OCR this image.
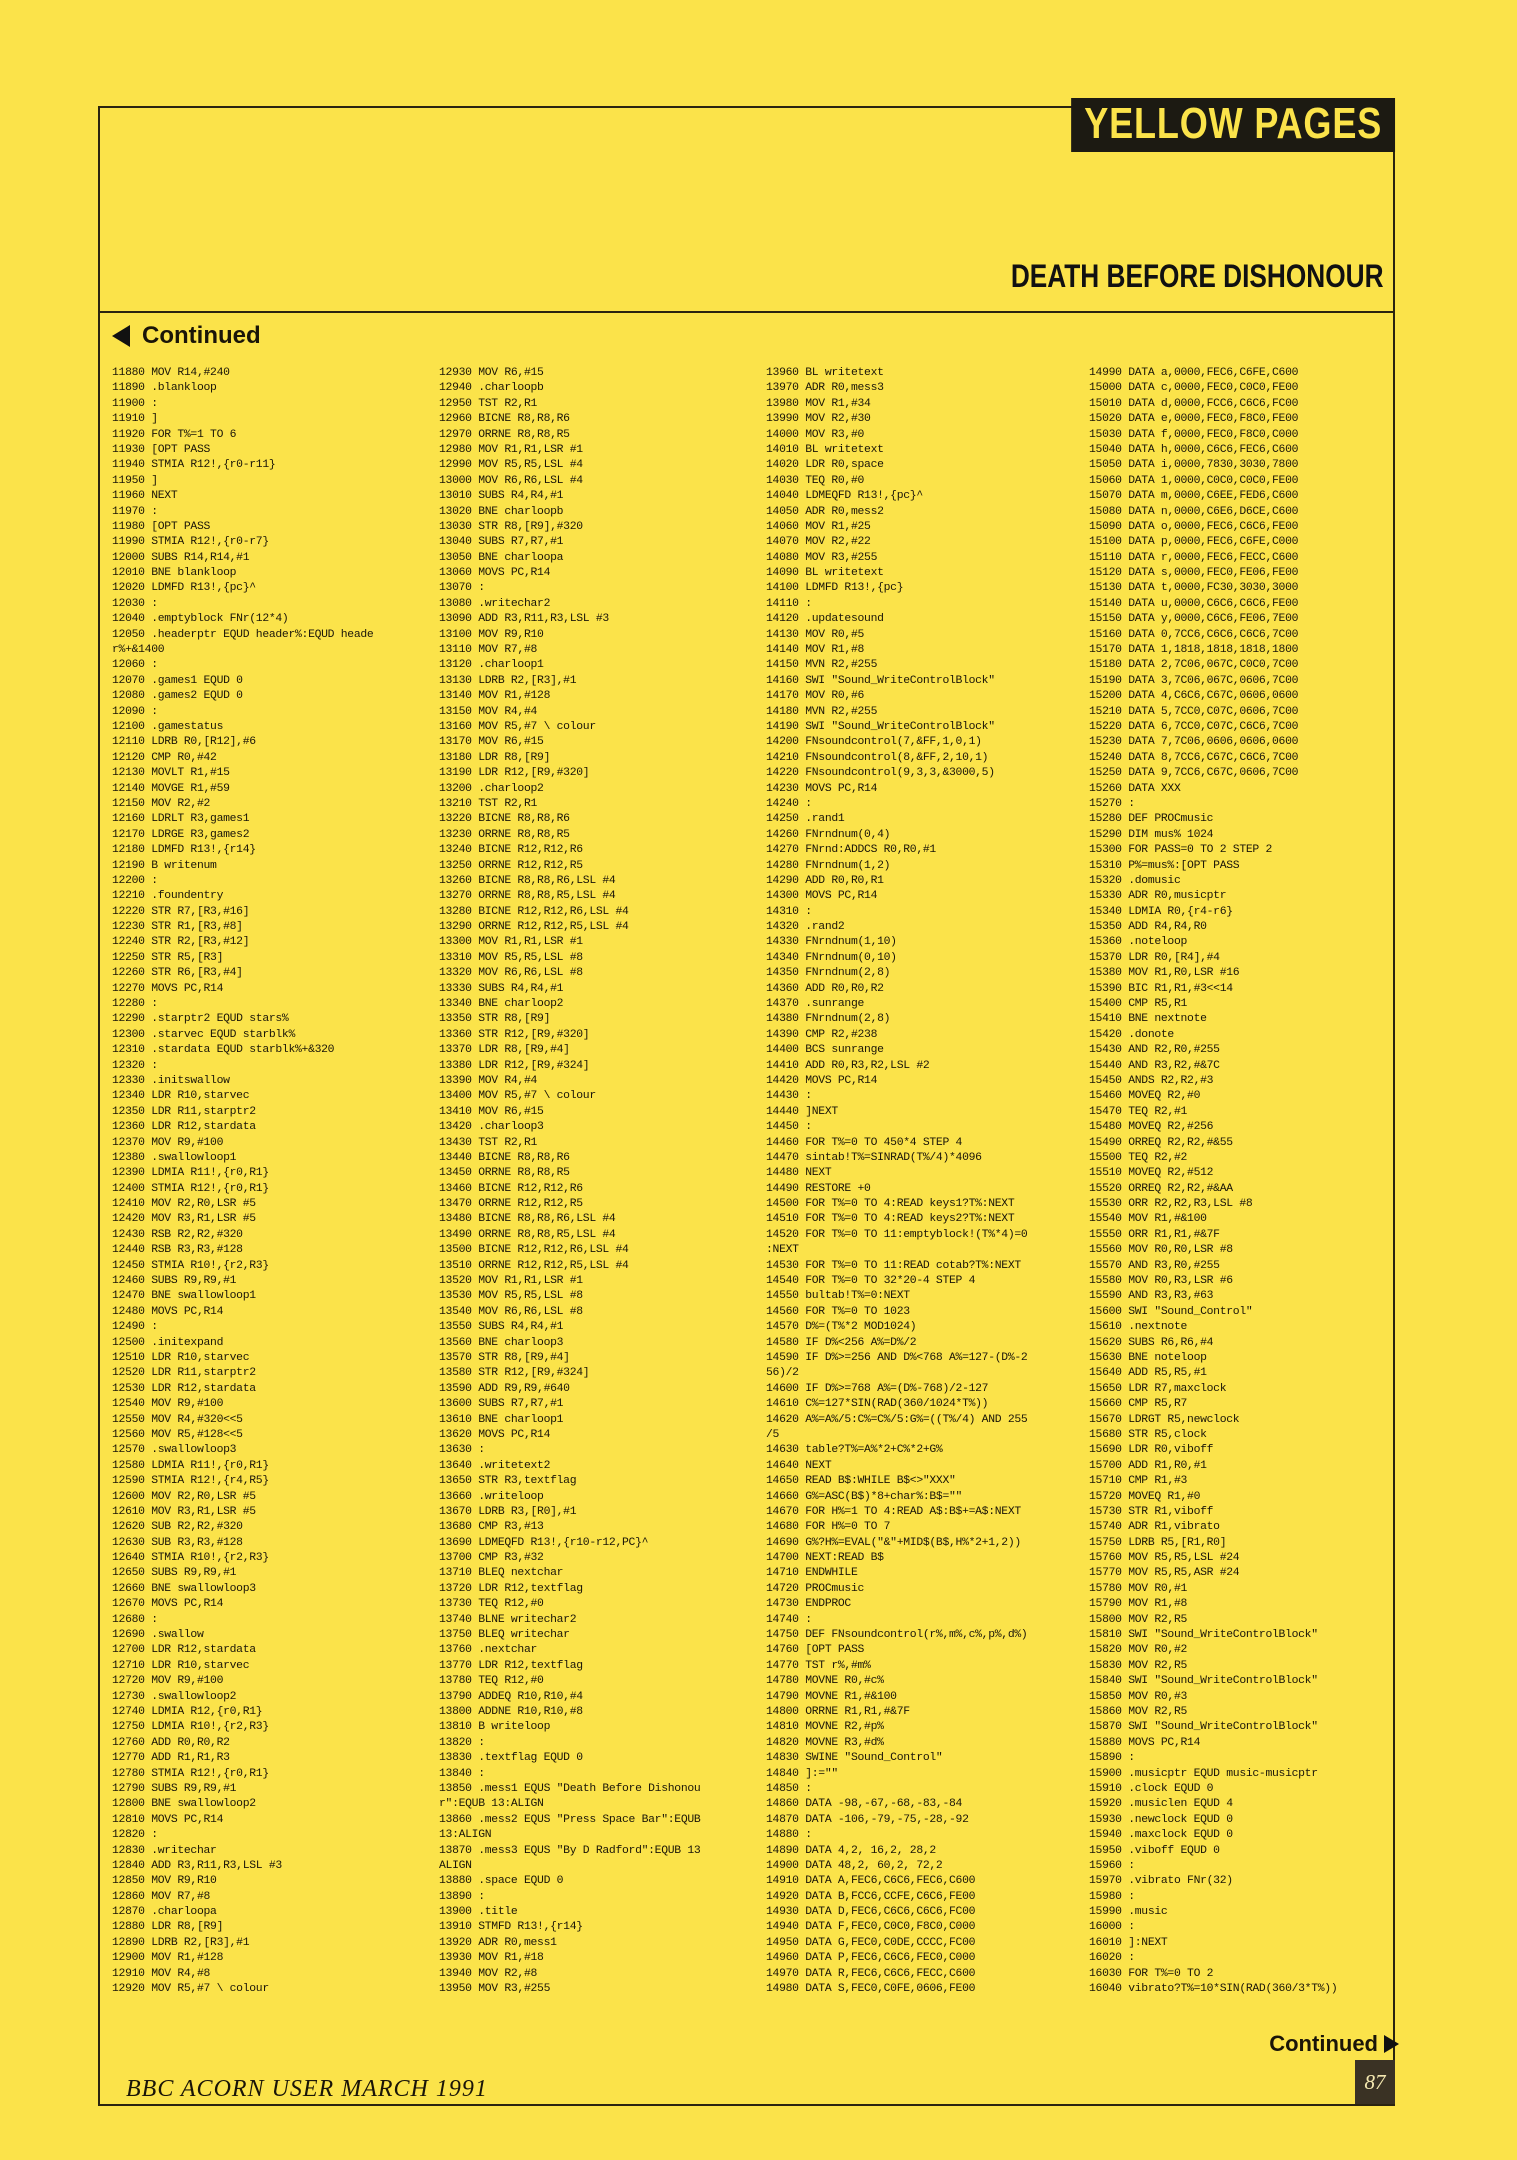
YELLOW PAGES
DEATH BEFORE DISHONOUR
Continued
11880 MOV R14,#240
11890 .blankloop
11900 :
11910 ]
11920 FOR T%=1 TO 6
11930 [OPT PASS
11940 STMIA R12!,{r0-r11}
11950 ]
11960 NEXT
11970 :
11980 [OPT PASS
11990 STMIA R12!,{r0-r7}
12000 SUBS R14,R14,#1
12010 BNE blankloop
12020 LDMFD R13!,{pc}^
12030 :
12040 .emptyblock FNr(12*4)
12050 .headerptr EQUD header%:EQUD heade
r%+&1400
12060 :
12070 .games1 EQUD 0
12080 .games2 EQUD 0
12090 :
12100 .gamestatus
12110 LDRB R0,[R12],#6
12120 CMP R0,#42
12130 MOVLT R1,#15
12140 MOVGE R1,#59
12150 MOV R2,#2
12160 LDRLT R3,games1
12170 LDRGE R3,games2
12180 LDMFD R13!,{r14}
12190 B writenum
12200 :
12210 .foundentry
12220 STR R7,[R3,#16]
12230 STR R1,[R3,#8]
12240 STR R2,[R3,#12]
12250 STR R5,[R3]
12260 STR R6,[R3,#4]
12270 MOVS PC,R14
12280 :
12290 .starptr2 EQUD stars%
12300 .starvec EQUD starblk%
12310 .stardata EQUD starblk%+&320
12320 :
12330 .initswallow
12340 LDR R10,starvec
12350 LDR R11,starptr2
12360 LDR R12,stardata
12370 MOV R9,#100
12380 .swallowloop1
12390 LDMIA R11!,{r0,R1}
12400 STMIA R12!,{r0,R1}
12410 MOV R2,R0,LSR #5
12420 MOV R3,R1,LSR #5
12430 RSB R2,R2,#320
12440 RSB R3,R3,#128
12450 STMIA R10!,{r2,R3}
12460 SUBS R9,R9,#1
12470 BNE swallowloop1
12480 MOVS PC,R14
12490 :
12500 .initexpand
12510 LDR R10,starvec
12520 LDR R11,starptr2
12530 LDR R12,stardata
12540 MOV R9,#100
12550 MOV R4,#320<<5
12560 MOV R5,#128<<5
12570 .swallowloop3
12580 LDMIA R11!,{r0,R1}
12590 STMIA R12!,{r4,R5}
12600 MOV R2,R0,LSR #5
12610 MOV R3,R1,LSR #5
12620 SUB R2,R2,#320
12630 SUB R3,R3,#128
12640 STMIA R10!,{r2,R3}
12650 SUBS R9,R9,#1
12660 BNE swallowloop3
12670 MOVS PC,R14
12680 :
12690 .swallow
12700 LDR R12,stardata
12710 LDR R10,starvec
12720 MOV R9,#100
12730 .swallowloop2
12740 LDMIA R12,{r0,R1}
12750 LDMIA R10!,{r2,R3}
12760 ADD R0,R0,R2
12770 ADD R1,R1,R3
12780 STMIA R12!,{r0,R1}
12790 SUBS R9,R9,#1
12800 BNE swallowloop2
12810 MOVS PC,R14
12820 :
12830 .writechar
12840 ADD R3,R11,R3,LSL #3
12850 MOV R9,R10
12860 MOV R7,#8
12870 .charloopa
12880 LDR R8,[R9]
12890 LDRB R2,[R3],#1
12900 MOV R1,#128
12910 MOV R4,#8
12920 MOV R5,#7 \ colour
12930 MOV R6,#15
12940 .charloopb
12950 TST R2,R1
12960 BICNE R8,R8,R6
12970 ORRNE R8,R8,R5
12980 MOV R1,R1,LSR #1
12990 MOV R5,R5,LSL #4
13000 MOV R6,R6,LSL #4
13010 SUBS R4,R4,#1
13020 BNE charloopb
13030 STR R8,[R9],#320
13040 SUBS R7,R7,#1
13050 BNE charloopa
13060 MOVS PC,R14
13070 :
13080 .writechar2
13090 ADD R3,R11,R3,LSL #3
13100 MOV R9,R10
13110 MOV R7,#8
13120 .charloop1
13130 LDRB R2,[R3],#1
13140 MOV R1,#128
13150 MOV R4,#4
13160 MOV R5,#7 \ colour
13170 MOV R6,#15
13180 LDR R8,[R9]
13190 LDR R12,[R9,#320]
13200 .charloop2
13210 TST R2,R1
13220 BICNE R8,R8,R6
13230 ORRNE R8,R8,R5
13240 BICNE R12,R12,R6
13250 ORRNE R12,R12,R5
13260 BICNE R8,R8,R6,LSL #4
13270 ORRNE R8,R8,R5,LSL #4
13280 BICNE R12,R12,R6,LSL #4
13290 ORRNE R12,R12,R5,LSL #4
13300 MOV R1,R1,LSR #1
13310 MOV R5,R5,LSL #8
13320 MOV R6,R6,LSL #8
13330 SUBS R4,R4,#1
13340 BNE charloop2
13350 STR R8,[R9]
13360 STR R12,[R9,#320]
13370 LDR R8,[R9,#4]
13380 LDR R12,[R9,#324]
13390 MOV R4,#4
13400 MOV R5,#7 \ colour
13410 MOV R6,#15
13420 .charloop3
13430 TST R2,R1
13440 BICNE R8,R8,R6
13450 ORRNE R8,R8,R5
13460 BICNE R12,R12,R6
13470 ORRNE R12,R12,R5
13480 BICNE R8,R8,R6,LSL #4
13490 ORRNE R8,R8,R5,LSL #4
13500 BICNE R12,R12,R6,LSL #4
13510 ORRNE R12,R12,R5,LSL #4
13520 MOV R1,R1,LSR #1
13530 MOV R5,R5,LSL #8
13540 MOV R6,R6,LSL #8
13550 SUBS R4,R4,#1
13560 BNE charloop3
13570 STR R8,[R9,#4]
13580 STR R12,[R9,#324]
13590 ADD R9,R9,#640
13600 SUBS R7,R7,#1
13610 BNE charloop1
13620 MOVS PC,R14
13630 :
13640 .writetext2
13650 STR R3,textflag
13660 .writeloop
13670 LDRB R3,[R0],#1
13680 CMP R3,#13
13690 LDMEQFD R13!,{r10-r12,PC}^
13700 CMP R3,#32
13710 BLEQ nextchar
13720 LDR R12,textflag
13730 TEQ R12,#0
13740 BLNE writechar2
13750 BLEQ writechar
13760 .nextchar
13770 LDR R12,textflag
13780 TEQ R12,#0
13790 ADDEQ R10,R10,#4
13800 ADDNE R10,R10,#8
13810 B writeloop
13820 :
13830 .textflag EQUD 0
13840 :
13850 .mess1 EQUS "Death Before Dishonou
r":EQUB 13:ALIGN
13860 .mess2 EQUS "Press Space Bar":EQUB
13:ALIGN
13870 .mess3 EQUS "By D Radford":EQUB 13
ALIGN
13880 .space EQUD 0
13890 :
13900 .title
13910 STMFD R13!,{r14}
13920 ADR R0,mess1
13930 MOV R1,#18
13940 MOV R2,#8
13950 MOV R3,#255
13960 BL writetext
13970 ADR R0,mess3
13980 MOV R1,#34
13990 MOV R2,#30
14000 MOV R3,#0
14010 BL writetext
14020 LDR R0,space
14030 TEQ R0,#0
14040 LDMEQFD R13!,{pc}^
14050 ADR R0,mess2
14060 MOV R1,#25
14070 MOV R2,#22
14080 MOV R3,#255
14090 BL writetext
14100 LDMFD R13!,{pc}
14110 :
14120 .updatesound
14130 MOV R0,#5
14140 MOV R1,#8
14150 MVN R2,#255
14160 SWI "Sound_WriteControlBlock"
14170 MOV R0,#6
14180 MVN R2,#255
14190 SWI "Sound_WriteControlBlock"
14200 FNsoundcontrol(7,&FF,1,0,1)
14210 FNsoundcontrol(8,&FF,2,10,1)
14220 FNsoundcontrol(9,3,3,&3000,5)
14230 MOVS PC,R14
14240 :
14250 .rand1
14260 FNrndnum(0,4)
14270 FNrnd:ADDCS R0,R0,#1
14280 FNrndnum(1,2)
14290 ADD R0,R0,R1
14300 MOVS PC,R14
14310 :
14320 .rand2
14330 FNrndnum(1,10)
14340 FNrndnum(0,10)
14350 FNrndnum(2,8)
14360 ADD R0,R0,R2
14370 .sunrange
14380 FNrndnum(2,8)
14390 CMP R2,#238
14400 BCS sunrange
14410 ADD R0,R3,R2,LSL #2
14420 MOVS PC,R14
14430 :
14440 ]NEXT
14450 :
14460 FOR T%=0 TO 450*4 STEP 4
14470 sintab!T%=SINRAD(T%/4)*4096
14480 NEXT
14490 RESTORE +0
14500 FOR T%=0 TO 4:READ keys1?T%:NEXT
14510 FOR T%=0 TO 4:READ keys2?T%:NEXT
14520 FOR T%=0 TO 11:emptyblock!(T%*4)=0
:NEXT
14530 FOR T%=0 TO 11:READ cotab?T%:NEXT
14540 FOR T%=0 TO 32*20-4 STEP 4
14550 bultab!T%=0:NEXT
14560 FOR T%=0 TO 1023
14570 D%=(T%*2 MOD1024)
14580 IF D%<256 A%=D%/2
14590 IF D%>=256 AND D%<768 A%=127-(D%-2
56)/2
14600 IF D%>=768 A%=(D%-768)/2-127
14610 C%=127*SIN(RAD(360/1024*T%))
14620 A%=A%/5:C%=C%/5:G%=((T%/4) AND 255
/5
14630 table?T%=A%*2+C%*2+G%
14640 NEXT
14650 READ B$:WHILE B$<>"XXX"
14660 G%=ASC(B$)*8+char%:B$=""
14670 FOR H%=1 TO 4:READ A$:B$+=A$:NEXT
14680 FOR H%=0 TO 7
14690 G%?H%=EVAL("&"+MID$(B$,H%*2+1,2))
14700 NEXT:READ B$
14710 ENDWHILE
14720 PROCmusic
14730 ENDPROC
14740 :
14750 DEF FNsoundcontrol(r%,m%,c%,p%,d%)
14760 [OPT PASS
14770 TST r%,#m%
14780 MOVNE R0,#c%
14790 MOVNE R1,#&100
14800 ORRNE R1,R1,#&7F
14810 MOVNE R2,#p%
14820 MOVNE R3,#d%
14830 SWINE "Sound_Control"
14840 ]:=""
14850 :
14860 DATA -98,-67,-68,-83,-84
14870 DATA -106,-79,-75,-28,-92
14880 :
14890 DATA 4,2, 16,2, 28,2
14900 DATA 48,2, 60,2, 72,2
14910 DATA A,FEC6,C6C6,FEC6,C600
14920 DATA B,FCC6,CCFE,C6C6,FE00
14930 DATA D,FEC6,C6C6,C6C6,FC00
14940 DATA F,FEC0,C0C0,F8C0,C000
14950 DATA G,FEC0,C0DE,CCCC,FC00
14960 DATA P,FEC6,C6C6,FEC0,C000
14970 DATA R,FEC6,C6C6,FECC,C600
14980 DATA S,FEC0,C0FE,0606,FE00
14990 DATA a,0000,FEC6,C6FE,C600
15000 DATA c,0000,FEC0,C0C0,FE00
15010 DATA d,0000,FCC6,C6C6,FC00
15020 DATA e,0000,FEC0,F8C0,FE00
15030 DATA f,0000,FEC0,F8C0,C000
15040 DATA h,0000,C6C6,FEC6,C600
15050 DATA i,0000,7830,3030,7800
15060 DATA 1,0000,C0C0,C0C0,FE00
15070 DATA m,0000,C6EE,FED6,C600
15080 DATA n,0000,C6E6,D6CE,C600
15090 DATA o,0000,FEC6,C6C6,FE00
15100 DATA p,0000,FEC6,C6FE,C000
15110 DATA r,0000,FEC6,FECC,C600
15120 DATA s,0000,FEC0,FE06,FE00
15130 DATA t,0000,FC30,3030,3000
15140 DATA u,0000,C6C6,C6C6,FE00
15150 DATA y,0000,C6C6,FE06,7E00
15160 DATA 0,7CC6,C6C6,C6C6,7C00
15170 DATA 1,1818,1818,1818,1800
15180 DATA 2,7C06,067C,C0C0,7C00
15190 DATA 3,7C06,067C,0606,7C00
15200 DATA 4,C6C6,C67C,0606,0600
15210 DATA 5,7CC0,C07C,0606,7C00
15220 DATA 6,7CC0,C07C,C6C6,7C00
15230 DATA 7,7C06,0606,0606,0600
15240 DATA 8,7CC6,C67C,C6C6,7C00
15250 DATA 9,7CC6,C67C,0606,7C00
15260 DATA XXX
15270 :
15280 DEF PROCmusic
15290 DIM mus% 1024
15300 FOR PASS=0 TO 2 STEP 2
15310 P%=mus%:[OPT PASS
15320 .domusic
15330 ADR R0,musicptr
15340 LDMIA R0,{r4-r6}
15350 ADD R4,R4,R0
15360 .noteloop
15370 LDR R0,[R4],#4
15380 MOV R1,R0,LSR #16
15390 BIC R1,R1,#3<<14
15400 CMP R5,R1
15410 BNE nextnote
15420 .donote
15430 AND R2,R0,#255
15440 AND R3,R2,#&7C
15450 ANDS R2,R2,#3
15460 MOVEQ R2,#0
15470 TEQ R2,#1
15480 MOVEQ R2,#256
15490 ORREQ R2,R2,#&55
15500 TEQ R2,#2
15510 MOVEQ R2,#512
15520 ORREQ R2,R2,#&AA
15530 ORR R2,R2,R3,LSL #8
15540 MOV R1,#&100
15550 ORR R1,R1,#&7F
15560 MOV R0,R0,LSR #8
15570 AND R3,R0,#255
15580 MOV R0,R3,LSR #6
15590 AND R3,R3,#63
15600 SWI "Sound_Control"
15610 .nextnote
15620 SUBS R6,R6,#4
15630 BNE noteloop
15640 ADD R5,R5,#1
15650 LDR R7,maxclock
15660 CMP R5,R7
15670 LDRGT R5,newclock
15680 STR R5,clock
15690 LDR R0,viboff
15700 ADD R1,R0,#1
15710 CMP R1,#3
15720 MOVEQ R1,#0
15730 STR R1,viboff
15740 ADR R1,vibrato
15750 LDRB R5,[R1,R0]
15760 MOV R5,R5,LSL #24
15770 MOV R5,R5,ASR #24
15780 MOV R0,#1
15790 MOV R1,#8
15800 MOV R2,R5
15810 SWI "Sound_WriteControlBlock"
15820 MOV R0,#2
15830 MOV R2,R5
15840 SWI "Sound_WriteControlBlock"
15850 MOV R0,#3
15860 MOV R2,R5
15870 SWI "Sound_WriteControlBlock"
15880 MOVS PC,R14
15890 :
15900 .musicptr EQUD music-musicptr
15910 .clock EQUD 0
15920 .musiclen EQUD 4
15930 .newclock EQUD 0
15940 .maxclock EQUD 0
15950 .viboff EQUD 0
15960 :
15970 .vibrato FNr(32)
15980 :
15990 .music
16000 :
16010 ]:NEXT
16020 :
16030 FOR T%=0 TO 2
16040 vibrato?T%=10*SIN(RAD(360/3*T%))
Continued
BBC ACORN USER MARCH 1991	87
